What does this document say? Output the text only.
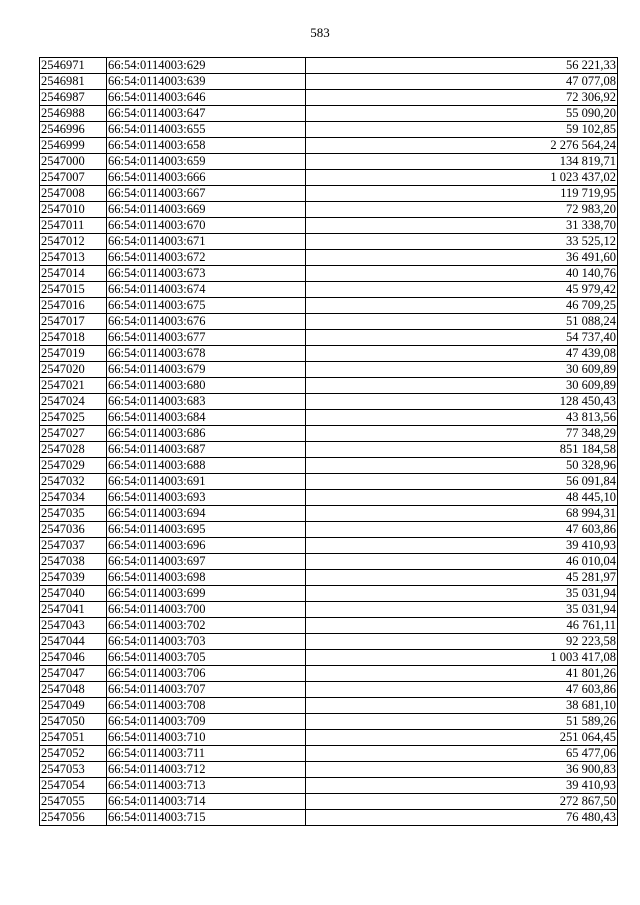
583
2546971	66:54:0114003:629	56 221,33
2546981	66:54:0114003:639	47 077,08
2546987	66:54:0114003:646	72 306,92
2546988	66:54:0114003:647	55 090,20
2546996	66:54:0114003:655	59 102,85
2546999	66:54:0114003:658	2 276 564,24
2547000	66:54:0114003:659	134 819,71
2547007	66:54:0114003:666	1 023 437,02
2547008	66:54:0114003:667	119 719,95
2547010	66:54:0114003:669	72 983,20
2547011	66:54:0114003:670	31 338,70
2547012	66:54:0114003:671	33 525,12
2547013	66:54:0114003:672	36 491,60
2547014	66:54:0114003:673	40 140,76
2547015	66:54:0114003:674	45 979,42
2547016	66:54:0114003:675	46 709,25
2547017	66:54:0114003:676	51 088,24
2547018	66:54:0114003:677	54 737,40
2547019	66:54:0114003:678	47 439,08
2547020	66:54:0114003:679	30 609,89
2547021	66:54:0114003:680	30 609,89
2547024	66:54:0114003:683	128 450,43
2547025	66:54:0114003:684	43 813,56
2547027	66:54:0114003:686	77 348,29
2547028	66:54:0114003:687	851 184,58
2547029	66:54:0114003:688	50 328,96
2547032	66:54:0114003:691	56 091,84
2547034	66:54:0114003:693	48 445,10
2547035	66:54:0114003:694	68 994,31
2547036	66:54:0114003:695	47 603,86
2547037	66:54:0114003:696	39 410,93
2547038	66:54:0114003:697	46 010,04
2547039	66:54:0114003:698	45 281,97
2547040	66:54:0114003:699	35 031,94
2547041	66:54:0114003:700	35 031,94
2547043	66:54:0114003:702	46 761,11
2547044	66:54:0114003:703	92 223,58
2547046	66:54:0114003:705	1 003 417,08
2547047	66:54:0114003:706	41 801,26
2547048	66:54:0114003:707	47 603,86
2547049	66:54:0114003:708	38 681,10
2547050	66:54:0114003:709	51 589,26
2547051	66:54:0114003:710	251 064,45
2547052	66:54:0114003:711	65 477,06
2547053	66:54:0114003:712	36 900,83
2547054	66:54:0114003:713	39 410,93
2547055	66:54:0114003:714	272 867,50
2547056	66:54:0114003:715	76 480,43
